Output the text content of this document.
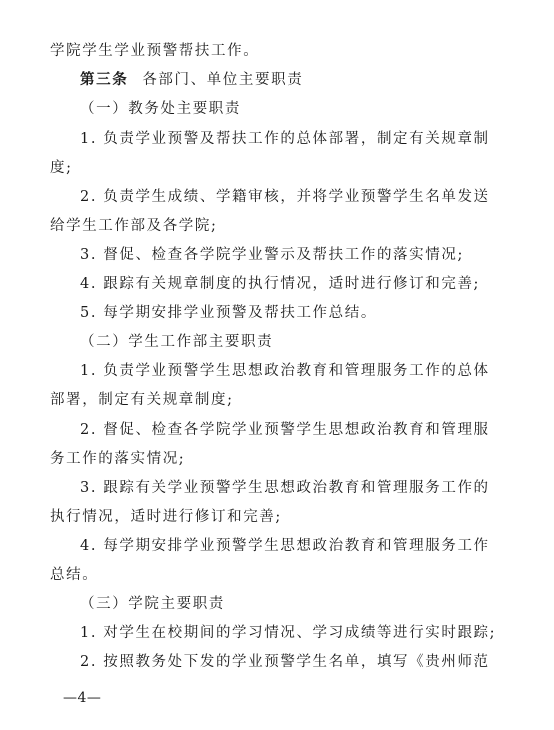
学院学生学业预警帮扶工作。
第三条 各部门、单位主要职责
（一）教务处主要职责
1. 负责学业预警及帮扶工作的总体部署，制定有关规章制
度;
2. 负责学生成绩、学籍审核，并将学业预警学生名单发送
给学生工作部及各学院;
3. 督促、检查各学院学业警示及帮扶工作的落实情况;
4. 跟踪有关规章制度的执行情况，适时进行修订和完善;
5. 每学期安排学业预警及帮扶工作总结。
（二）学生工作部主要职责
1. 负责学业预警学生思想政治教育和管理服务工作的总体
部署，制定有关规章制度;
2. 督促、检查各学院学业预警学生思想政治教育和管理服
务工作的落实情况;
3. 跟踪有关学业预警学生思想政治教育和管理服务工作的
执行情况，适时进行修订和完善;
4. 每学期安排学业预警学生思想政治教育和管理服务工作
总结。
（三）学院主要职责
1. 对学生在校期间的学习情况、学习成绩等进行实时跟踪;
2. 按照教务处下发的学业预警学生名单，填写《贵州师范
—4—
